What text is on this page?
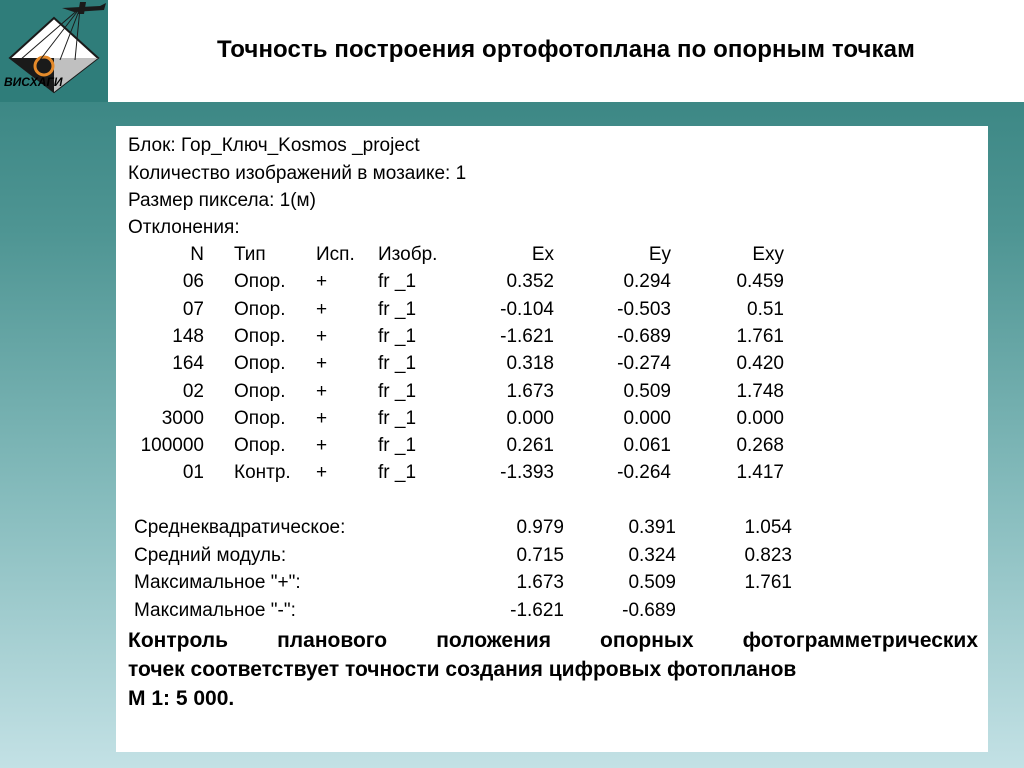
ВИСХАГИ
Точность построения ортофотоплана по опорным точкам
Блок: Гор_Ключ_Kosmos _project
Количество изображений в мозаике: 1
Размер пиксела: 1(м)
Отклонения:
N Тип	Исп. Изобр.	Ex	Ey	Exy
06 Опор. +	fr _1	0.352	0.294	0.459
07 Опор. +	fr _1	-0.104	-0.503	0.51
148 Опор. +	fr _1	-1.621	-0.689	1.761
164 Опор. +	fr _1	0.318	-0.274	0.420
02 Опор. +	fr _1	1.673	0.509	1.748
3000 Опор. +	fr _1	0.000	0.000	0.000
100000 Опор. +	fr _1	0.261	0.061	0.268
01 Контр. +	fr _1	-1.393	-0.264	1.417
Среднеквадратическое:	0.979	0.391	1.054
Средний модуль:	0.715	0.324	0.823
Максимальное "+":	1.673	0.509	1.761
Максимальное "-":	-1.621	-0.689
Контроль планового положения опорных фотограмметрических
точек соответствует точности создания цифровых фотопланов
М 1: 5 000.
